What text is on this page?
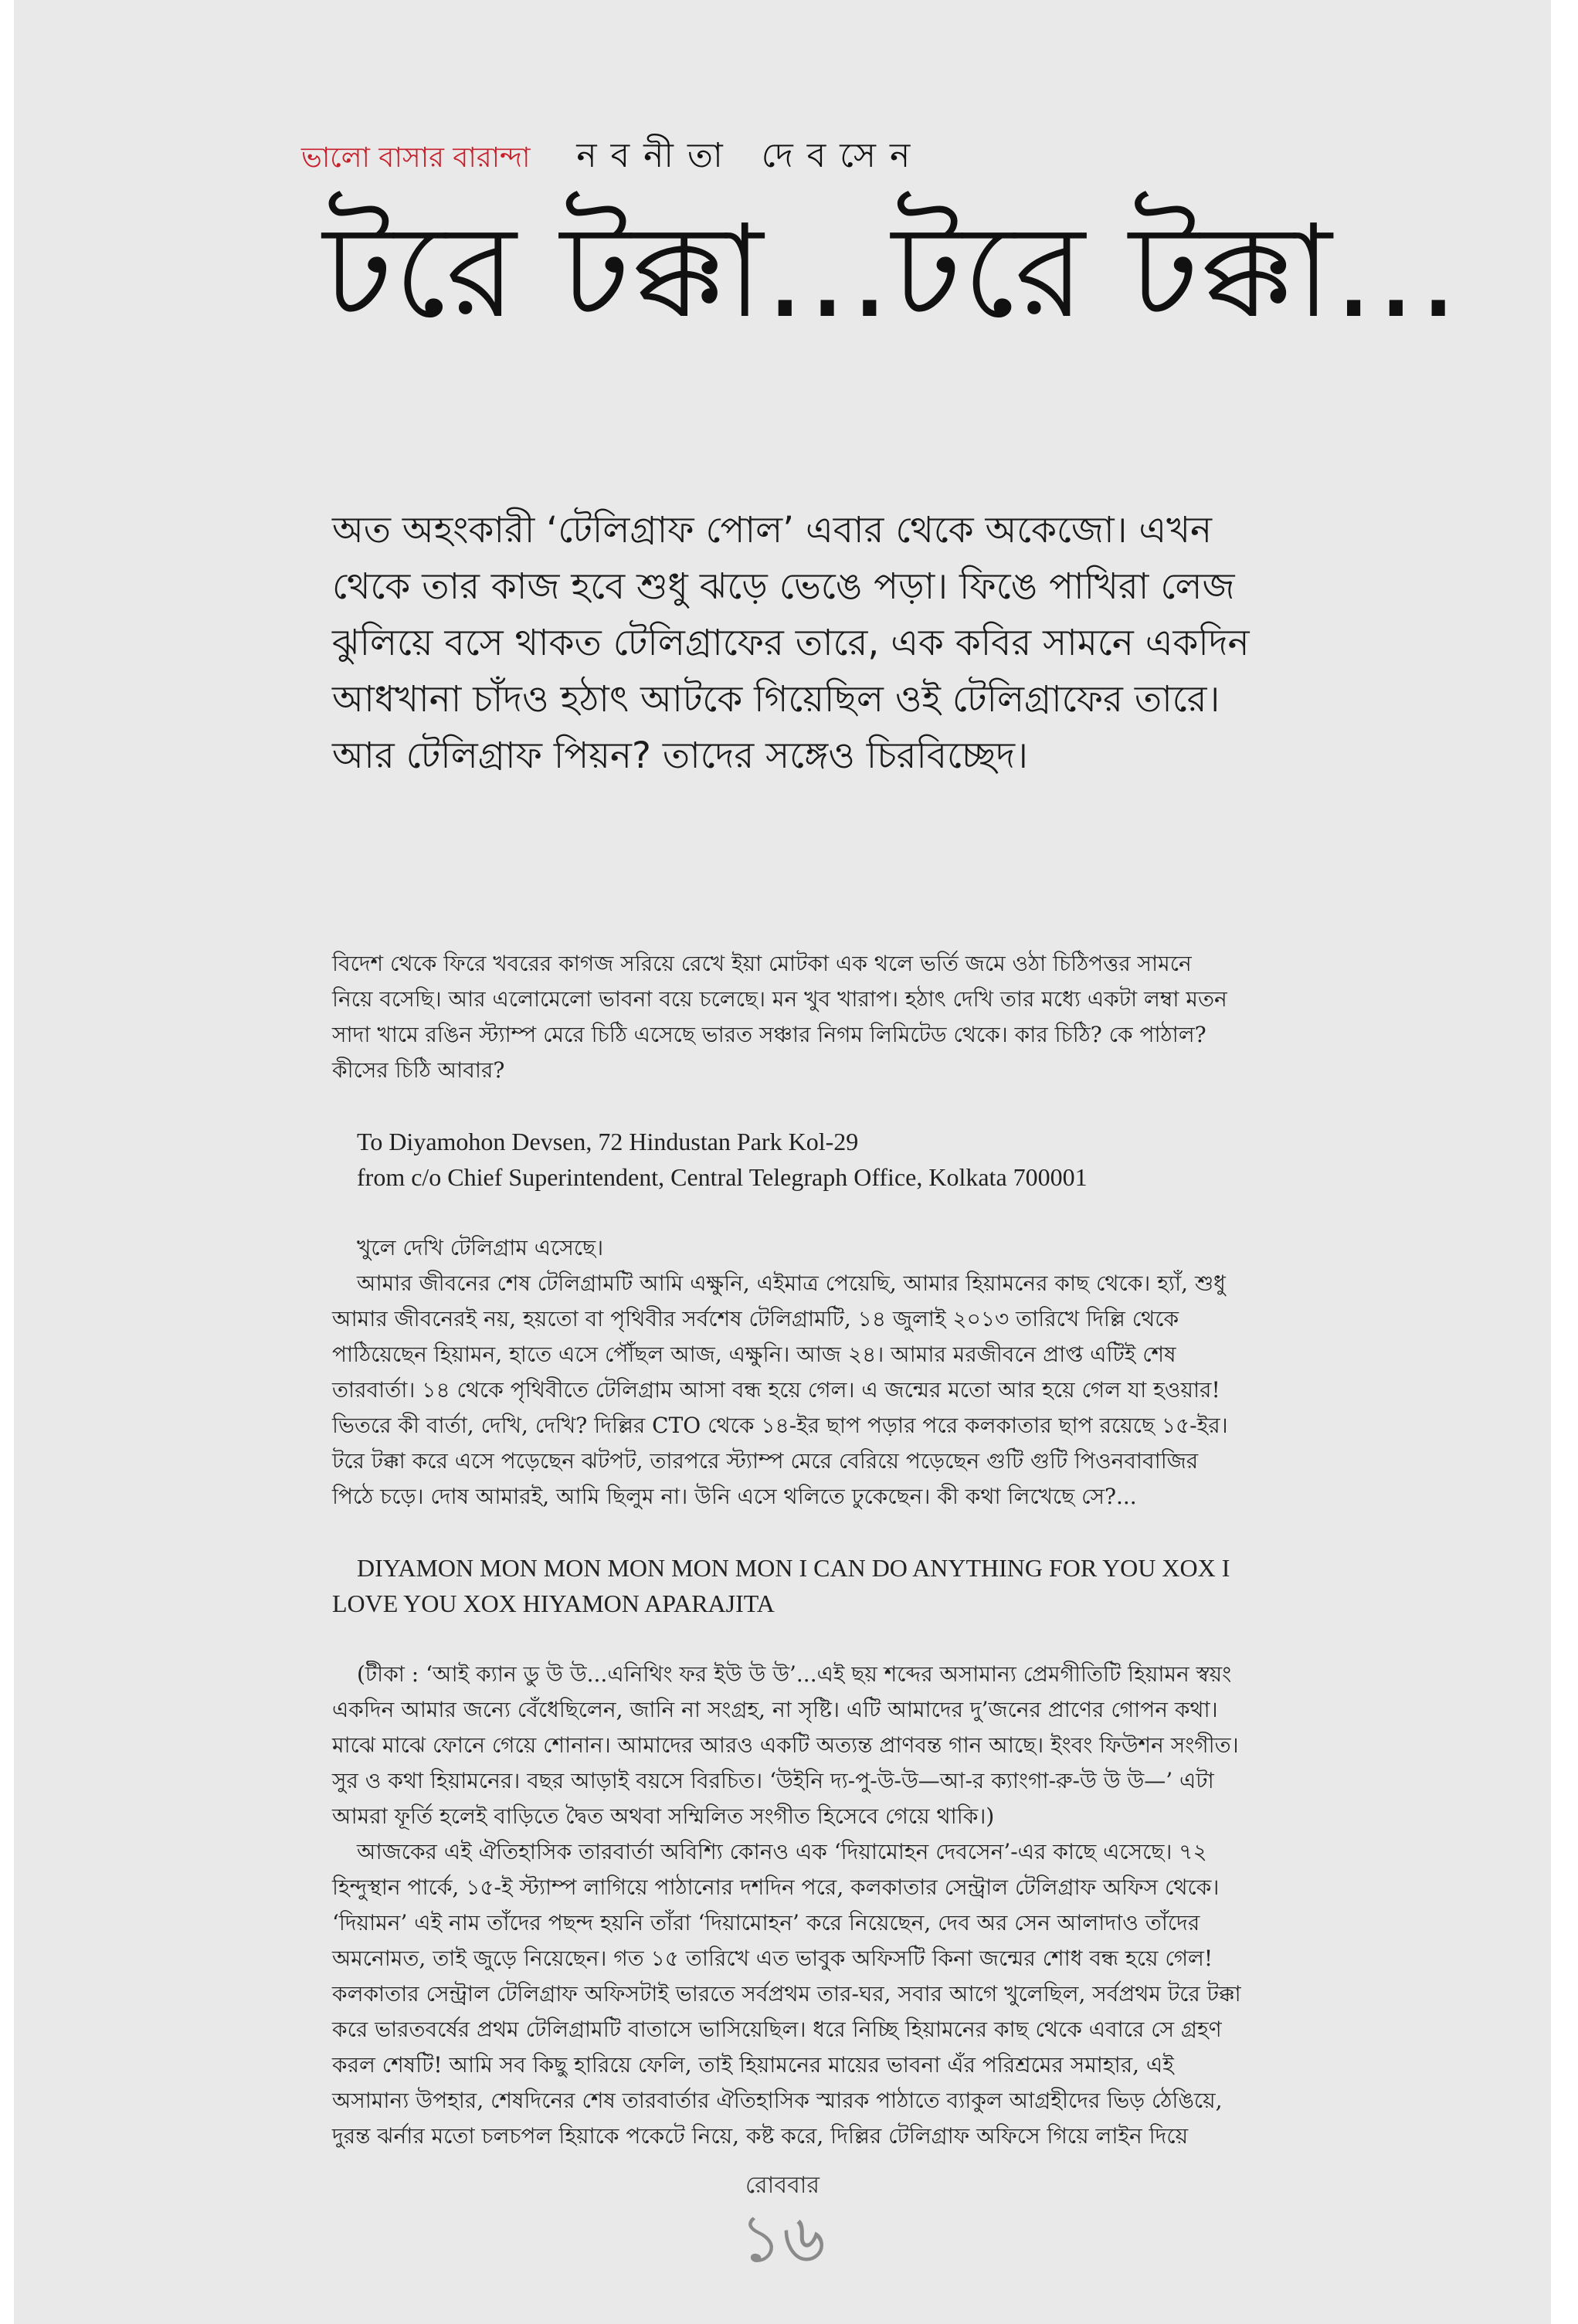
ভালো বাসার বারান্দা নবনীতা দেবসেন
টরে টক্কা...টরে টক্কা...

অত অহংকারী ‘টেলিগ্রাফ পোল’ এবার থেকে অকেজো। এখন

থেকে তার কাজ হবে শুধু ঝড়ে ভেঙে পড়া। ফিঙে পাখিরা লেজ

ঝুলিয়ে বসে থাকত টেলিগ্রাফের তারে, এক কবির সামনে একদিন

আধখানা চাঁদও হঠাৎ আটকে গিয়েছিল ওই টেলিগ্রাফের তারে।

আর টেলিগ্রাফ পিয়ন? তাদের সঙ্গেও চিরবিচ্ছেদ।

বিদেশ থেকে ফিরে খবরের কাগজ সরিয়ে রেখে ইয়া মোটকা এক থলে ভর্তি জমে ওঠা চিঠিপত্তর সামনে

নিয়ে বসেছি। আর এলোমেলো ভাবনা বয়ে চলেছে। মন খুব খারাপ। হঠাৎ দেখি তার মধ্যে একটা লম্বা মতন

সাদা খামে রঙিন স্ট্যাম্প মেরে চিঠি এসেছে ভারত সঞ্চার নিগম লিমিটেড থেকে। কার চিঠি? কে পাঠাল?

কীসের চিঠি আবার?

To Diyamohon Devsen, 72 Hindustan Park Kol-29

from c/o Chief Superintendent, Central Telegraph Office, Kolkata 700001

খুলে দেখি টেলিগ্রাম এসেছে।

আমার জীবনের শেষ টেলিগ্রামটি আমি এক্ষুনি, এইমাত্র পেয়েছি, আমার হিয়ামনের কাছ থেকে। হ্যাঁ, শুধু

আমার জীবনেরই নয়, হয়তো বা পৃথিবীর সর্বশেষ টেলিগ্রামটি, ১৪ জুলাই ২০১৩ তারিখে দিল্লি থেকে

পাঠিয়েছেন হিয়ামন, হাতে এসে পৌঁছল আজ, এক্ষুনি। আজ ২৪। আমার মরজীবনে প্রাপ্ত এটিই শেষ

তারবার্তা। ১৪ থেকে পৃথিবীতে টেলিগ্রাম আসা বন্ধ হয়ে গেল। এ জন্মের মতো আর হয়ে গেল যা হওয়ার!

ভিতরে কী বার্তা, দেখি, দেখি? দিল্লির CTO থেকে ১৪-ইর ছাপ পড়ার পরে কলকাতার ছাপ রয়েছে ১৫-ইর।

টরে টক্কা করে এসে পড়েছেন ঝটপট, তারপরে স্ট্যাম্প মেরে বেরিয়ে পড়েছেন গুটি গুটি পিওনবাবাজির

পিঠে চড়ে। দোষ আমারই, আমি ছিলুম না। উনি এসে থলিতে ঢুকেছেন। কী কথা লিখেছে সে?...

DIYAMON MON MON MON MON MON I CAN DO ANYTHING FOR YOU XOX I

LOVE YOU XOX HIYAMON APARAJITA

(টীকা : ‘আই ক্যান ডু উ উ...এনিথিং ফর ইউ উ উ’...এই ছয় শব্দের অসামান্য প্রেমগীতিটি হিয়ামন স্বয়ং

একদিন আমার জন্যে বেঁধেছিলেন, জানি না সংগ্রহ, না সৃষ্টি। এটি আমাদের দু’জনের প্রাণের গোপন কথা।

মাঝে মাঝে ফোনে গেয়ে শোনান। আমাদের আরও একটি অত্যন্ত প্রাণবন্ত গান আছে। ইংবং ফিউশন সংগীত।

সুর ও কথা হিয়ামনের। বছর আড়াই বয়সে বিরচিত। ‘উইনি দ্য-পু-উ-উ—আ-র ক্যাংগা-রু-উ উ উ—’ এটা

আমরা ফূর্তি হলেই বাড়িতে দ্বৈত অথবা সম্মিলিত সংগীত হিসেবে গেয়ে থাকি।)

আজকের এই ঐতিহাসিক তারবার্তা অবিশ্যি কোনও এক ‘দিয়ামোহন দেবসেন’-এর কাছে এসেছে। ৭২

হিন্দুস্থান পার্কে, ১৫-ই স্ট্যাম্প লাগিয়ে পাঠানোর দশদিন পরে, কলকাতার সেন্ট্রাল টেলিগ্রাফ অফিস থেকে।

‘দিয়ামন’ এই নাম তাঁদের পছন্দ হয়নি তাঁরা ‘দিয়ামোহন’ করে নিয়েছেন, দেব অর সেন আলাদাও তাঁদের

অমনোমত, তাই জুড়ে নিয়েছেন। গত ১৫ তারিখে এত ভাবুক অফিসটি কিনা জন্মের শোধ বন্ধ হয়ে গেল!

কলকাতার সেন্ট্রাল টেলিগ্রাফ অফিসটাই ভারতে সর্বপ্রথম তার-ঘর, সবার আগে খুলেছিল, সর্বপ্রথম টরে টক্কা

করে ভারতবর্ষের প্রথম টেলিগ্রামটি বাতাসে ভাসিয়েছিল। ধরে নিচ্ছি হিয়ামনের কাছ থেকে এবারে সে গ্রহণ

করল শেষটি! আমি সব কিছু হারিয়ে ফেলি, তাই হিয়ামনের মায়ের ভাবনা এঁর পরিশ্রমের সমাহার, এই

অসামান্য উপহার, শেষদিনের শেষ তারবার্তার ঐতিহাসিক স্মারক পাঠাতে ব্যাকুল আগ্রহীদের ভিড় ঠেঙিয়ে,

দুরন্ত ঝর্নার মতো চলচপল হিয়াকে পকেটে নিয়ে, কষ্ট করে, দিল্লির টেলিগ্রাফ অফিসে গিয়ে লাইন দিয়ে

রোববার
১৬
